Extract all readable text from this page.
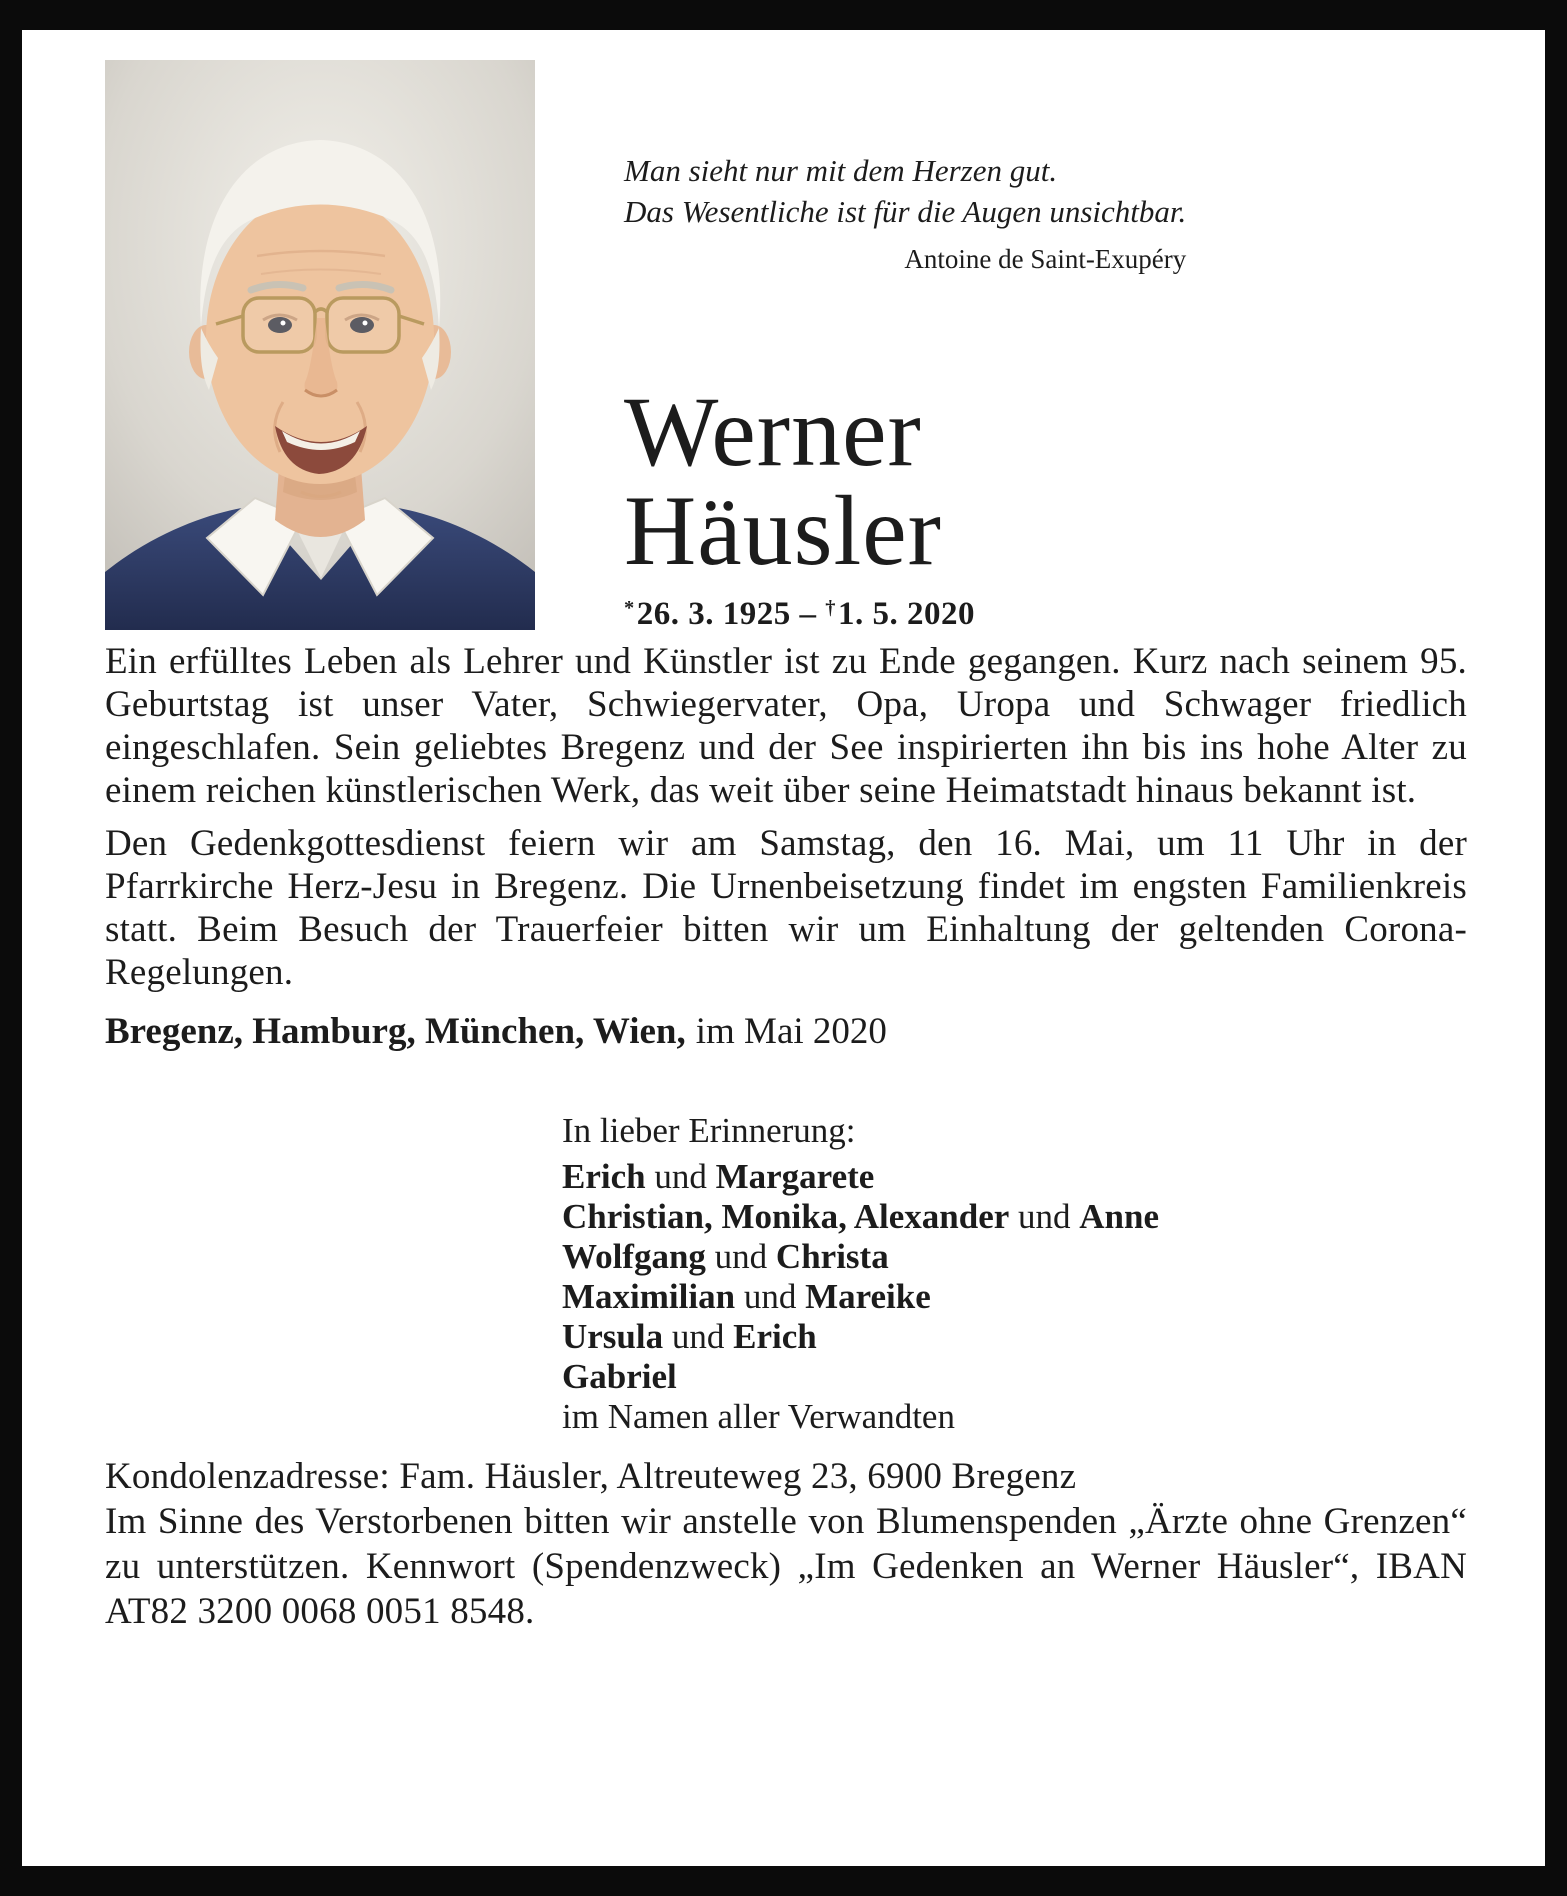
Man sieht nur mit dem Herzen gut.
Das Wesentliche ist für die Augen unsichtbar.
Antoine de Saint-Exupéry
Werner
Häusler
*26. 3. 1925 – †1. 5. 2020

Ein erfülltes Leben als Lehrer und Künstler ist zu Ende gegangen. Kurz nach seinem 95. Geburtstag ist unser Vater, Schwiegervater, Opa, Uropa und Schwager friedlich eingeschlafen. Sein geliebtes Bregenz und der See inspirierten ihn bis ins hohe Alter zu einem reichen künstlerischen Werk, das weit über seine Heimatstadt hinaus bekannt ist.

Den Gedenkgottesdienst feiern wir am Samstag, den 16. Mai, um 11 Uhr in der Pfarrkirche Herz-Jesu in Bregenz. Die Urnenbeisetzung findet im engsten Familienkreis statt. Beim Besuch der Trauerfeier bitten wir um Einhaltung der geltenden Corona-Regelungen.

Bregenz, Hamburg, München, Wien, im Mai 2020
In lieber Erinnerung:
Erich und Margarete
Christian, Monika, Alexander und Anne
Wolfgang und Christa
Maximilian und Mareike
Ursula und Erich
Gabriel
im Namen aller Verwandten

Kondolenzadresse: Fam. Häusler, Altreuteweg 23, 6900 Bregenz

Im Sinne des Verstorbenen bitten wir anstelle von Blumenspenden „Ärzte ohne Grenzen“ zu unterstützen. Kennwort (Spendenzweck) „Im Gedenken an Werner Häusler“, IBAN AT82 3200 0068 0051 8548.
